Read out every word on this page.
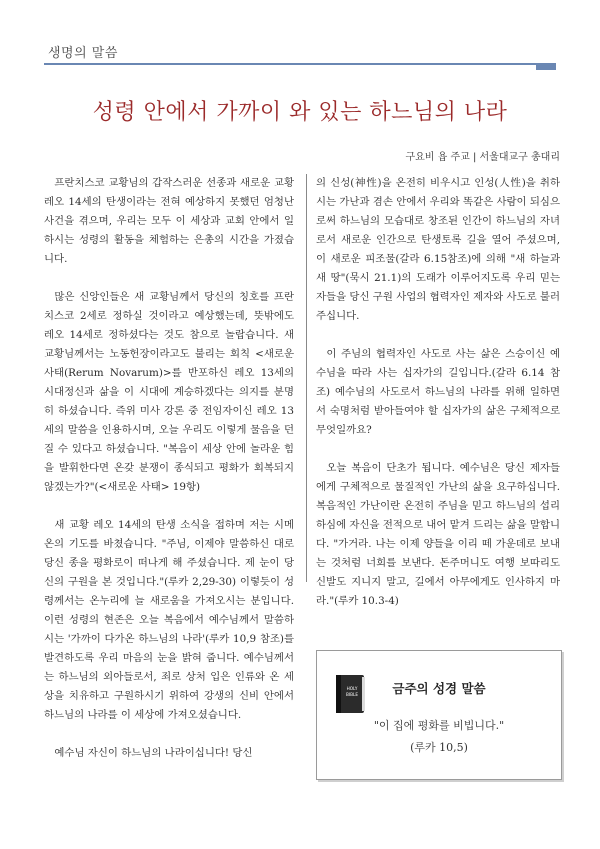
생명의 말씀
성령 안에서 가까이 와 있는 하느님의 나라
구요비 욥 주교 | 서울대교구 총대리

프란치스코 교황님의 갑작스러운 선종과 새로운 교황 레오 14세의 탄생이라는 전혀 예상하지 못했던 엄청난 사건을 겪으며, 우리는 모두 이 세상과 교회 안에서 일하시는 성령의 활동을 체험하는 은총의 시간을 가졌습니다.

많은 신앙인들은 새 교황님께서 당신의 칭호를 프란치스코 2세로 정하실 것이라고 예상했는데, 뜻밖에도 레오 14세로 정하셨다는 것도 참으로 놀랍습니다. 새 교황님께서는 노동헌장이라고도 불리는 회칙 <새로운 사태(Rerum Novarum)>를 반포하신 레오 13세의 시대정신과 삶을 이 시대에 계승하겠다는 의지를 분명히 하셨습니다. 즉위 미사 강론 중 전임자이신 레오 13세의 말씀을 인용하시며, 오늘 우리도 이렇게 물음을 던질 수 있다고 하셨습니다. "복음이 세상 안에 놀라운 힘을 발휘한다면 온갖 분쟁이 종식되고 평화가 회복되지 않겠는가?"(<새로운 사태> 19항)

새 교황 레오 14세의 탄생 소식을 접하며 저는 시메온의 기도를 바쳤습니다. "주님, 이제야 말씀하신 대로 당신 종을 평화로이 떠나게 해 주셨습니다. 제 눈이 당신의 구원을 본 것입니다."(루카 2,29-30) 이렇듯이 성령께서는 온누리에 늘 새로움을 가져오시는 분입니다. 이런 성령의 현존은 오늘 복음에서 예수님께서 말씀하시는 '가까이 다가온 하느님의 나라'(루카 10,9 참조)를 발견하도록 우리 마음의 눈을 밝혀 줍니다. 예수님께서는 하느님의 외아들로서, 죄로 상처 입은 인류와 온 세상을 치유하고 구원하시기 위하여 강생의 신비 안에서 하느님의 나라를 이 세상에 가져오셨습니다.

예수님 자신이 하느님의 나라이십니다! 당신

의 신성(神性)을 온전히 비우시고 인성(人性)을 취하시는 가난과 겸손 안에서 우리와 똑같은 사람이 되심으로써 하느님의 모습대로 창조된 인간이 하느님의 자녀로서 새로운 인간으로 탄생토록 길을 열어 주셨으며, 이 새로운 피조물(갈라 6.15참조)에 의해 "새 하늘과 새 땅"(묵시 21.1)의 도래가 이루어지도록 우리 믿는 자들을 당신 구원 사업의 협력자인 제자와 사도로 불러 주십니다.

이 주님의 협력자인 사도로 사는 삶은 스승이신 예수님을 따라 사는 십자가의 길입니다.(갈라 6.14 참조) 예수님의 사도로서 하느님의 나라를 위해 일하면서 숙명처럼 받아들여야 할 십자가의 삶은 구체적으로 무엇일까요?

오늘 복음이 단초가 됩니다. 예수님은 당신 제자들에게 구체적으로 물질적인 가난의 삶을 요구하십니다. 복음적인 가난이란 온전히 주님을 믿고 하느님의 섭리하심에 자신을 전적으로 내어 맡겨 드리는 삶을 말합니다. "가거라. 나는 이제 양들을 이리 떼 가운데로 보내는 것처럼 너희를 보낸다. 돈주머니도 여행 보따리도 신발도 지니지 말고, 길에서 아무에게도 인사하지 마라."(루카 10.3-4)

HOLY
BIBLE	금주의 성경 말씀
"이 집에 평화를 비빕니다."
(루카 10,5)
